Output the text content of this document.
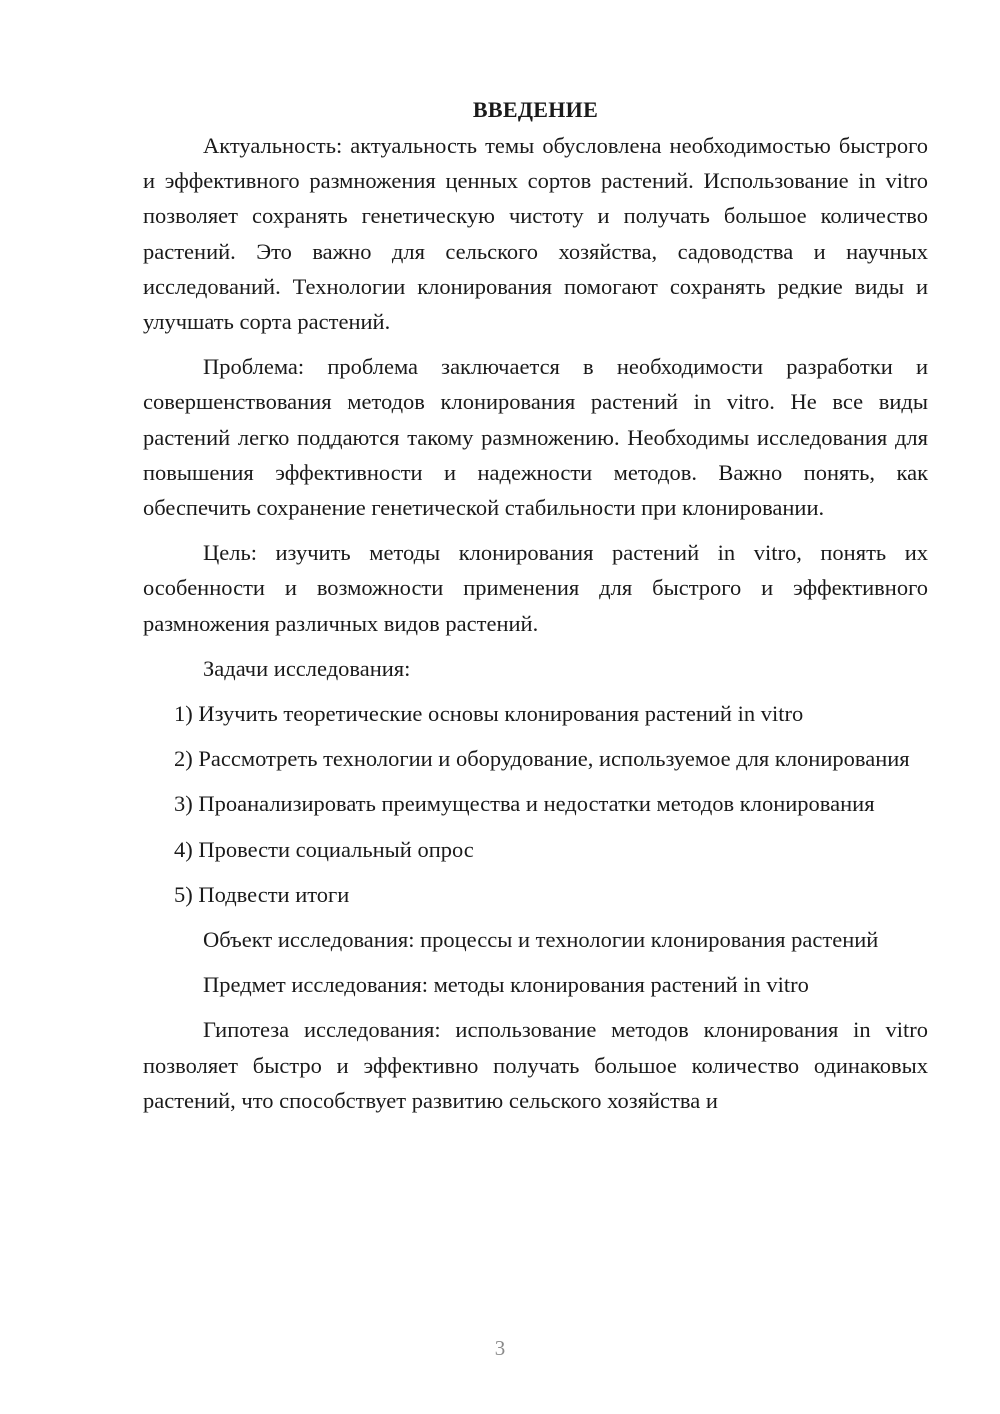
ВВЕДЕНИЕ

Актуальность: актуальность темы обусловлена необходимостью быстрого и эффективного размножения ценных сортов растений. Использование in vitro позволяет сохранять генетическую чистоту и получать большое количество растений. Это важно для сельского хозяйства, садоводства и научных исследований. Технологии клонирования помогают сохранять редкие виды и улучшать сорта растений.

Проблема: проблема заключается в необходимости разработки и совершенствования методов клонирования растений in vitro. Не все виды растений легко поддаются такому размножению. Необходимы исследования для повышения эффективности и надежности методов. Важно понять, как обеспечить сохранение генетической стабильности при клонировании.

Цель: изучить методы клонирования растений in vitro, понять их особенности и возможности применения для быстрого и эффективного размножения различных видов растений.

Задачи исследования:

1) Изучить теоретические основы клонирования растений in vitro

2) Рассмотреть технологии и оборудование, используемое для клонирования

3) Проанализировать преимущества и недостатки методов клонирования

4) Провести социальный опрос

5) Подвести итоги

Объект исследования: процессы и технологии клонирования растений

Предмет исследования: методы клонирования растений in vitro

Гипотеза исследования: использование методов клонирования in vitro позволяет быстро и эффективно получать большое количество одинаковых растений, что способствует развитию сельского хозяйства и

3
